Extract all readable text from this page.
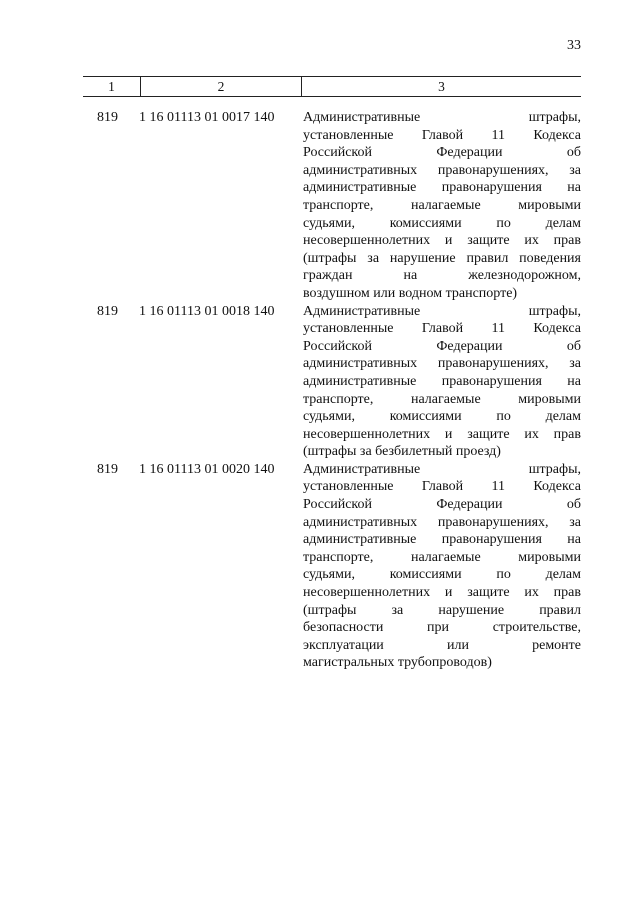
33
1	2	3
819	1 16 01113 01 0017 140	Административные штрафы,
установленные Главой 11 Кодекса
Российской Федерации об
административных правонарушениях, за
административные правонарушения на
транспорте, налагаемые мировыми
судьями, комиссиями по делам
несовершеннолетних и защите их прав
(штрафы за нарушение правил поведения
граждан на железнодорожном,
воздушном или водном транспорте)
819	1 16 01113 01 0018 140	Административные штрафы,
установленные Главой 11 Кодекса
Российской Федерации об
административных правонарушениях, за
административные правонарушения на
транспорте, налагаемые мировыми
судьями, комиссиями по делам
несовершеннолетних и защите их прав
(штрафы за безбилетный проезд)
819	1 16 01113 01 0020 140	Административные штрафы,
установленные Главой 11 Кодекса
Российской Федерации об
административных правонарушениях, за
административные правонарушения на
транспорте, налагаемые мировыми
судьями, комиссиями по делам
несовершеннолетних и защите их прав
(штрафы за нарушение правил
безопасности при строительстве,
эксплуатации или ремонте
магистральных трубопроводов)
